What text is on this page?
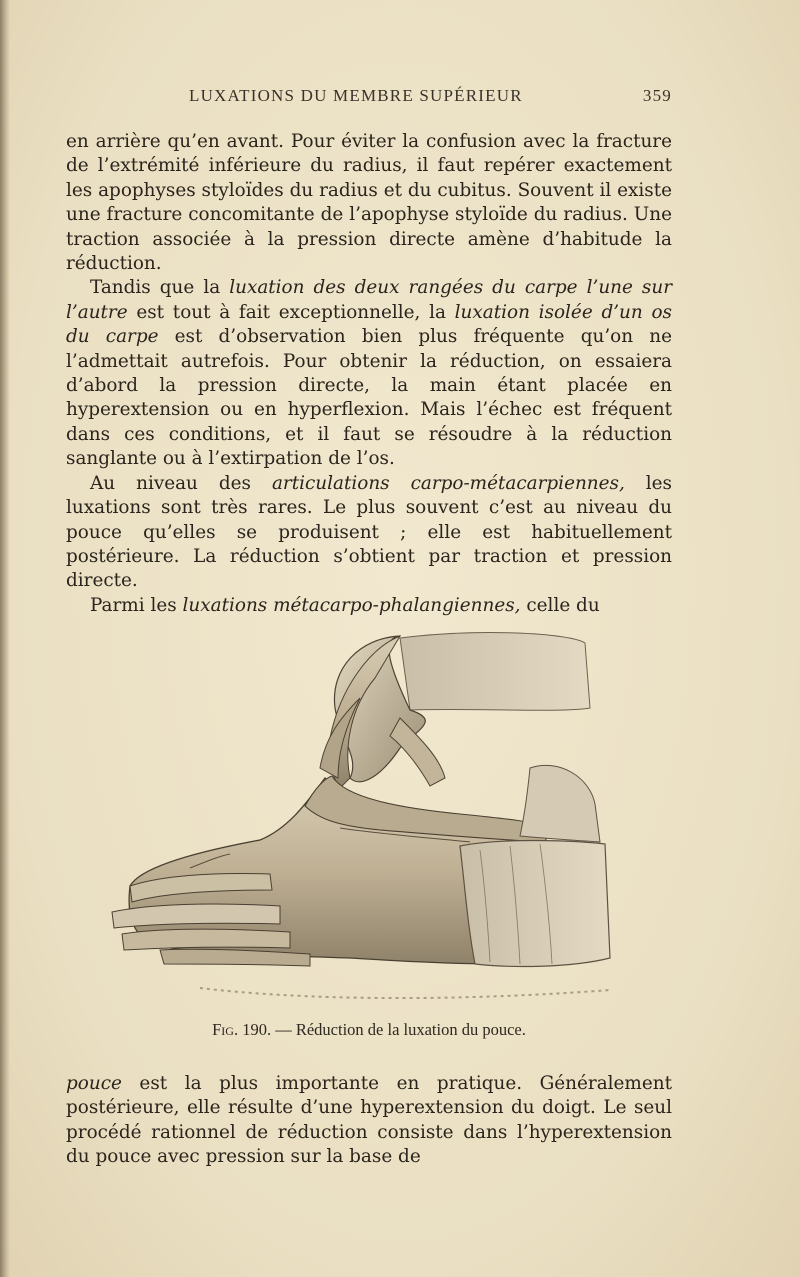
LUXATIONS DU MEMBRE SUPÉRIEUR	359

en arrière qu’en avant. Pour éviter la confusion avec la fracture de l’extrémité inférieure du radius, il faut repérer exactement les apophyses styloïdes du radius et du cubitus. Souvent il existe une fracture concomitante de l’apophyse styloïde du radius. Une traction associée à la pression directe amène d’habitude la réduction.

Tandis que la luxation des deux rangées du carpe l’une sur l’autre est tout à fait exceptionnelle, la luxation isolée d’un os du carpe est d’observation bien plus fréquente qu’on ne l’admettait autrefois. Pour obtenir la réduction, on essaiera d’abord la pression directe, la main étant placée en hyperextension ou en hyperflexion. Mais l’échec est fréquent dans ces conditions, et il faut se résoudre à la réduction sanglante ou à l’extirpation de l’os.

Au niveau des articulations carpo-métacarpiennes, les luxations sont très rares. Le plus souvent c’est au niveau du pouce qu’elles se produisent ; elle est habituellement postérieure. La réduction s’obtient par traction et pression directe.

Parmi les luxations métacarpo-phalangiennes, celle du

Fig. 190. — Réduction de la luxation du pouce.

pouce est la plus importante en pratique. Généralement postérieure, elle résulte d’une hyperextension du doigt. Le seul procédé rationnel de réduction consiste dans l’hyperextension du pouce avec pression sur la base de
